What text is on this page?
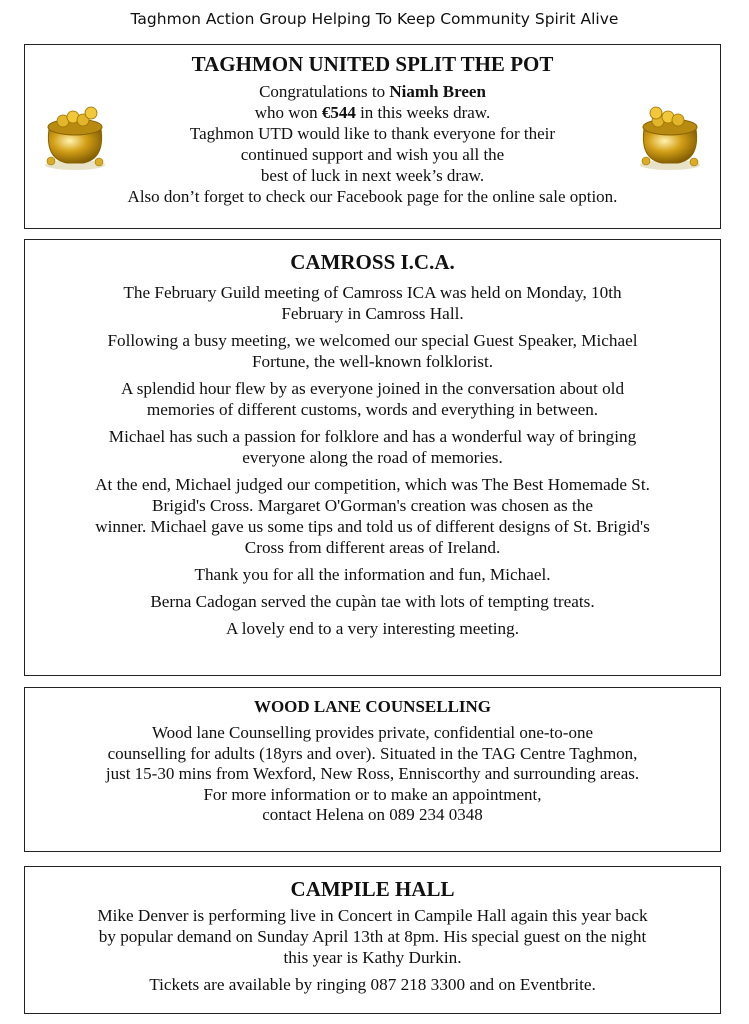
Taghmon Action Group Helping To Keep Community Spirit Alive
TAGHMON UNITED SPLIT THE POT
Congratulations to Niamh Breen
who won €544 in this weeks draw.
Taghmon UTD would like to thank everyone for their
continued support and wish you all the
best of luck in next week’s draw.
Also don’t forget to check our Facebook page for the online sale option.
CAMROSS I.C.A.

The February Guild meeting of Camross ICA was held on Monday, 10th
February in Camross Hall.

Following a busy meeting, we welcomed our special Guest Speaker, Michael
Fortune, the well-known folklorist.

A splendid hour flew by as everyone joined in the conversation about old
memories of different customs, words and everything in between.

Michael has such a passion for folklore and has a wonderful way of bringing
everyone along the road of memories.

At the end, Michael judged our competition, which was The Best Homemade St.
Brigid's Cross. Margaret O'Gorman's creation was chosen as the
winner. Michael gave us some tips and told us of different designs of St. Brigid's
Cross from different areas of Ireland.

Thank you for all the information and fun, Michael.

Berna Cadogan served the cupàn tae with lots of tempting treats.

A lovely end to a very interesting meeting.

WOOD LANE COUNSELLING
Wood lane Counselling provides private, confidential one-to-one
counselling for adults (18yrs and over). Situated in the TAG Centre Taghmon,
just 15-30 mins from Wexford, New Ross, Enniscorthy and surrounding areas.
For more information or to make an appointment,
contact Helena on 089 234 0348
CAMPILE HALL
Mike Denver is performing live in Concert in Campile Hall again this year back
by popular demand on Sunday April 13th at 8pm. His special guest on the night
this year is Kathy Durkin.

Tickets are available by ringing 087 218 3300 and on Eventbrite.
